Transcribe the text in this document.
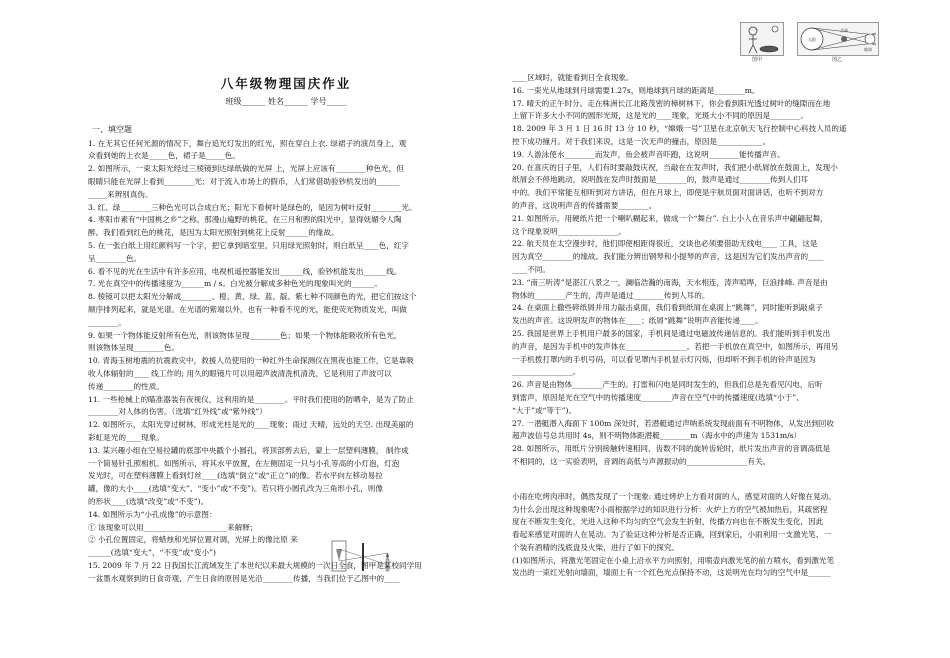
图甲
太阳
月球
地球
图乙
八年级物理国庆作业
班级______ 姓名______ 学号_____
一、填空题

1. 在无其它任何光源的情况下，舞台追光灯发出的红光，照在穿白上衣. 绿裙子的演员身上，观

众看到她的上衣是_____色，裙子是_____色。

2. 如图所示，一束太阳光经过三棱镜到达绿纸做的光屏 上，光屏上应该有________种色光，但

眼睛只能在光屏上看到________光；对于流入市场上的假币，人们常借助验钞机发出的______

_____来辨别真伪。

3. 红、绿________三种色光可以合成白光；阳光下看树叶是绿色的，是因为树叶反射________光。

4. 枣阳市素有“中国桃之乡”之称。那漫山遍野的桃花，在三月和煦的阳光中，显得妩媚令人陶

醉。我们看到红色的桃花，是因为太阳光照射到桃花上反射______的缘故。

5. 在一张白纸上用红颜料写一个字，把它拿到暗室里，只用绿光照射时，则白纸呈____色，红字

呈________色。

6. 看不见的光在生活中有许多应用，电视机遥控器能发出______线，验钞机能发出______线。

7. 光在真空中的传播速度为______m / s。白光被分解成多种色光的现象叫光的______。

8. 棱镜可以把太阳光分解成________、橙、黄、绿、蓝、靛、紫七种不同颜色的光，把它们按这个

顺序排列起来，就是光谱。在光谱的紫端以外，也有一种看不见的光，能使荧光物质发光，叫做

________。

9. 如果一个物体能反射所有色光，则该物体呈现________色；如果一个物体能吸收所有色光，

则该物体呈现________色。

10. 青海玉树地震的抗震救灾中，救援人员使用的一种红外生命探测仪在黑夜也能工作，它是靠吸

收人体辐射的____ 线工作的; 用久的眼镜片可以用超声波清洗机清洗，它是利用了声波可以

传递________的性质。

11. 一些枪械上的瞄准器装有夜视仪，这利用的是________。平时我们使用的防晒伞，是为了防止

________对人体的伤害。（选填“红外线”或“紫外线”）

12. 如图所示，太阳光穿过树林，形成光柱是光的____现象；雨过 天晴，远处的天空. 出现美丽的

彩虹是光的____现象。

13. 某兴趣小组在空易拉罐的底部中央戳个小圆孔，将顶部剪去后，蒙上一层塑料薄膜， 制作成

一个简易针孔照相机。如图所示，将其水平放置，在左侧固定一只与小孔等高的小灯泡，灯泡

发光时，可在塑料薄膜上看到灯丝____(选填“倒立”或“正立”)的像。若水平向左移动易拉

罐，像的大小____(选填“变大”、“变小”或“不变”)。若只将小圆孔改为三角形小孔，则像

的形状____(选填“改变”或“不变”)。

14. 如图所示为“小孔成像”的示意图：

① 该现象可以用______________________来解释；

② 小孔位置固定，将蜡烛和光屏位置对调，光屏上的像比原 来

______(选填“变大”、“不变”或“变小”)

15. 2009 年 7 月 22 日我国长江流域发生了本世纪以来最大规模的一次日全食，图甲是某校同学用

一盆墨水观察到的日食奇观，产生日食的原因是光沿________传播，当我们位于乙图中的____

____区域时，就能看到日全食现象。

16. 一束光从地球到月球需要1.27s，则地球到月球的距离是________m。

17. 晴天的正午时分。走在株洲长江北路茂密的樟树林下，你会看到阳光透过树叶的缝隙而在地

上留下许多大小不同的圆形光斑，这是光的____现象，光斑大小不同的原因是________。

18. 2009 年 3 月 1 日 16 时 13 分 10 秒，“嫦娥一号”卫星在北京航天飞行控制中心科技人员的遥

控下成功撞月。对于我们来说，这是一次无声的撞击，原因是____________。

19. 人游泳使水________而发声，鱼会被声音吓跑，这说明________能传播声音。

20. 在喜庆的日子里，人们有时要敲鼓庆祝，当敲在在发声时，我们把小纸屑放在鼓面上，发现小

纸屑会不停地跳动，说明鼓在发声时鼓面是________的，鼓声是通过________传到人们耳

中的。我们平常能互相听到对方讲话，但在月球上，即使是宇航员面对面讲话，也听不到对方

的声音，这说明声音的传播需要________。

21. 如图所示，用硬纸片把一个喇叭糊起来，做成一个“舞台”. 台上小人在音乐声中翩翩起舞，

这个现象说明________________。

22. 航天员在太空漫步时，他们即使相距得很近，交谈也必须要借助无线电____ 工具，这是

因为真空________的缘故。我们能分辨出钢琴和小提琴的声音，这是因为它们发出声音的____

____不同。

23. “南三听涛”是湛江八景之一，澜临浩瀚的南海，天水相连，涛声喧哗，巨浪排峰. 声音是由

物体的________产生的，涛声是通过________传到人耳的。

24. 在桌面上撒些碎纸屑并用力敲击桌面，我们看到纸屑在桌面上“跳舞”，同时能听到敲桌子

发出的声音。这说明发声的物体在____；纸屑“跳舞”说明声音能传递____。

25. 我国是世界上手机用户最多的国家，手机间是通过电磁波传递信息的。我们能听到手机发出

的声音，是因为手机中的发声体在________________。若把一手机放在真空中，如图所示，再用另

一手机拨打罩内的手机号码，可以看见罩内手机显示灯闪烁，但却听不到手机的铃声是因为

________________。

26. 声音是由物体________产生的。打雷和闪电是同时发生的，但我们总是先看见闪电，后听

到雷声，原因是光在空气中的传播速度________声音在空气中的传播速度(选填“小于”、

“大于”或“等于”)。

27. 一潜艇潜入海面下 100m 深处时，若潜艇通过声呐系统发现前面有不明物体，从发出到回收

超声波信号总共用时 4s，则不明物体距潜艇________m（海水中的声速为 1531m/s）

28. 如图所示，用纸片分别接触转速相同、齿数不同的旋转齿轮时，纸片发出声音的音调高低是

不相同的，这一实验表明，音调的高低与声源振动的________________有关。

小雨在吃烤肉串时，偶然发现了一个现象: 通过烤炉上方看对面的人，感觉对面的人好像在晃动。

为什么会出现这种现象呢?小雨根据学过的知识进行分析：火炉上方的空气被加热后，其疏密程

度在不断发生变化，光进入这种不均匀的空气会发生折射，传播方向也在不断发生变化，因此

看起来感觉对面的人在晃动。为了验证这种分析是否正确，回到家后，小雨利用一支激光笔、一

个装有酒精的浅底盘及火柴，进行了如下的探究。

(1)如图所示，将激光笔固定在小桌上沿水平方向照射，用喷壶向激光笔的前方喷水，看到激光笔

发出的一束红光射向墙面，墙面上有一个红色光点保持不动，这说明光在均匀的空气中是______
